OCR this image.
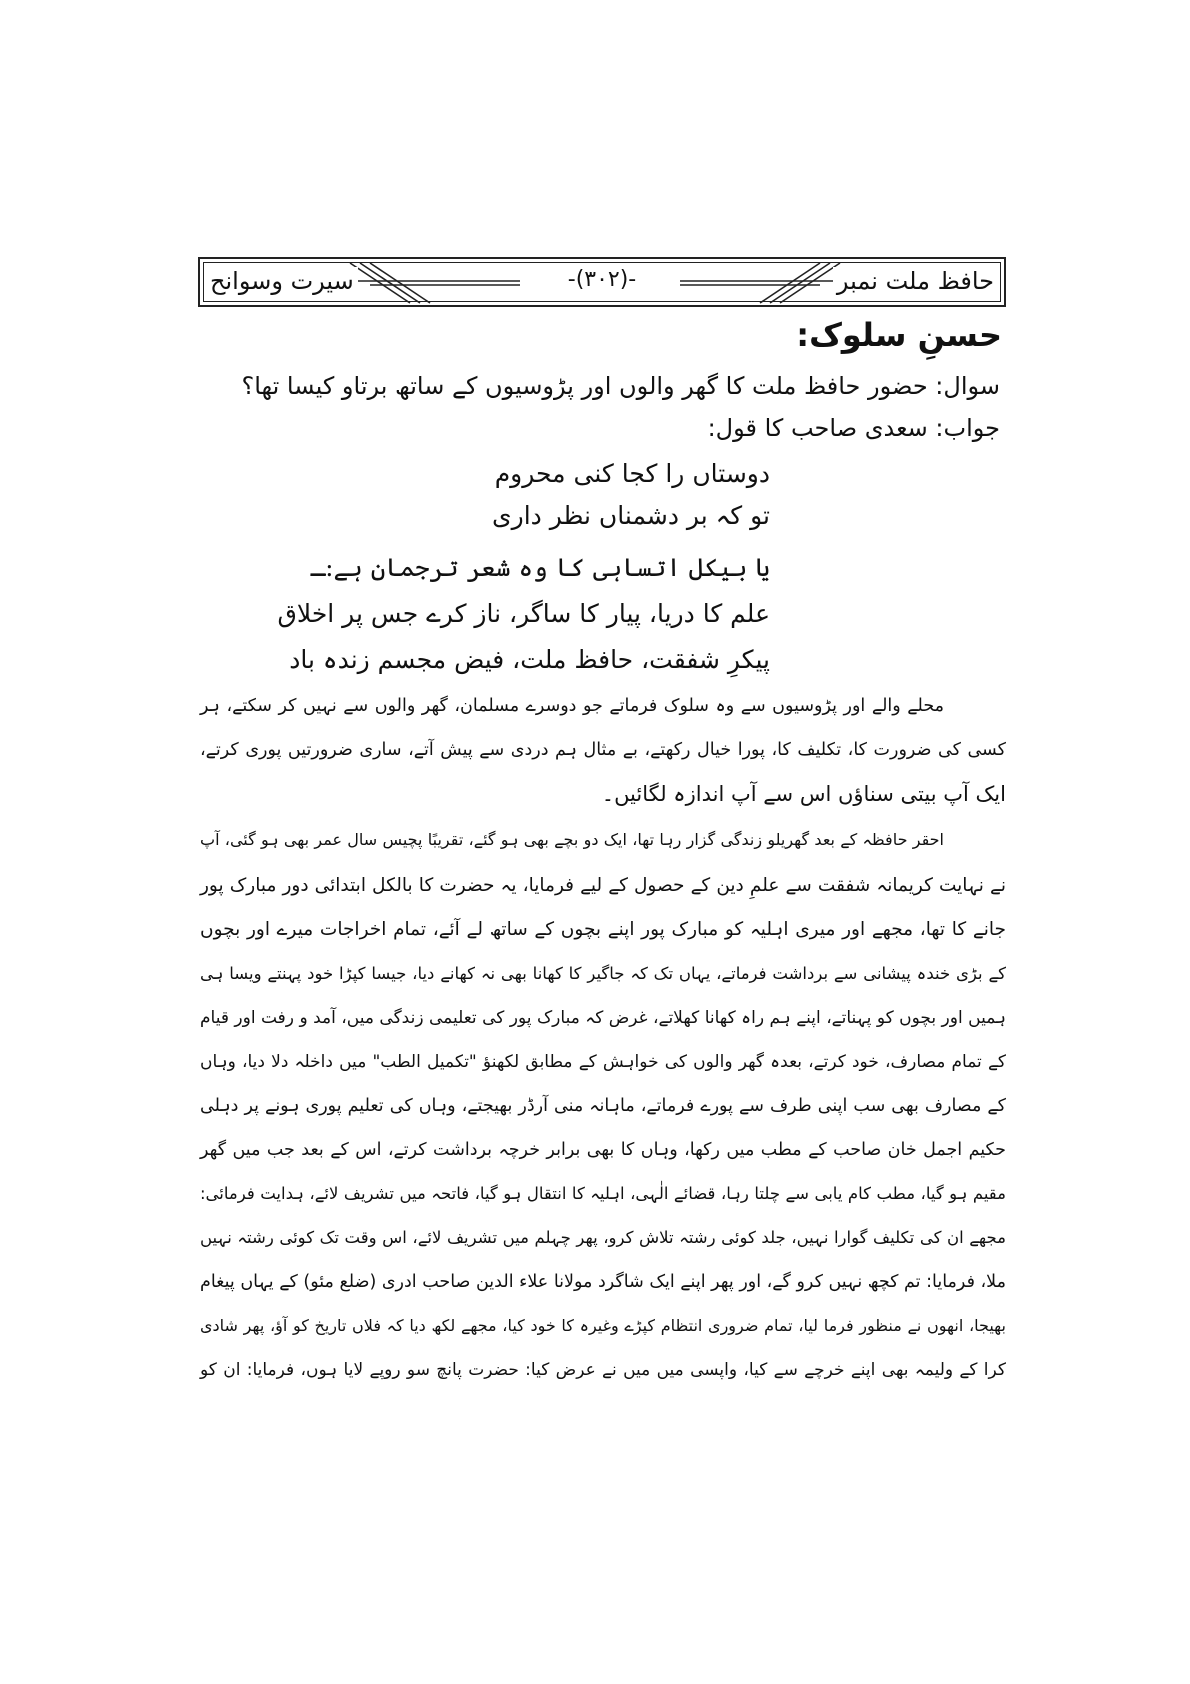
حافظ ملت نمبر
-(۳۰۲)-
سیرت وسوانح
حسنِ سلوک:
سوال: حضور حافظ ملت کا گھر والوں اور پڑوسیوں کے ساتھ برتاو کیسا تھا؟
جواب: سعدی صاحب کا قول:
دوستاں را کجا کنی محروم
تو کہ بر دشمناں نظر داری
یا بیکل اتساہی کا وہ شعر ترجمان ہے:ـ
علم کا دریا، پیار کا ساگر، ناز کرے جس پر اخلاق
پیکرِ شفقت، حافظ ملت، فیض مجسم زندہ باد
محلے والے اور پڑوسیوں سے وہ سلوک فرماتے جو دوسرے مسلمان، گھر والوں سے نہیں کر سکتے، ہر
کسی کی ضرورت کا، تکلیف کا، پورا خیال رکھتے، بے مثال ہم دردی سے پیش آتے، ساری ضرورتیں پوری کرتے،
ایک آپ بیتی سناؤں اس سے آپ اندازہ لگائیں۔
احقر حافظہ کے بعد گھریلو زندگی گزار رہا تھا، ایک دو بچے بھی ہو گئے، تقریبًا پچیس سال عمر بھی ہو گئی، آپ
نے نہایت کریمانہ شفقت سے علمِ دین کے حصول کے لیے فرمایا، یہ حضرت کا بالکل ابتدائی دور مبارک پور
جانے کا تھا، مجھے اور میری اہلیہ کو مبارک پور اپنے بچوں کے ساتھ لے آئے، تمام اخراجات میرے اور بچوں
کے بڑی خندہ پیشانی سے برداشت فرماتے، یہاں تک کہ جاگیر کا کھانا بھی نہ کھانے دیا، جیسا کپڑا خود پہنتے ویسا ہی
ہمیں اور بچوں کو پہناتے، اپنے ہم راہ کھانا کھلاتے، غرض کہ مبارک پور کی تعلیمی زندگی میں، آمد و رفت اور قیام
کے تمام مصارف، خود کرتے، بعدہ گھر والوں کی خواہش کے مطابق لکھنؤ "تکمیل الطب" میں داخلہ دلا دیا، وہاں
کے مصارف بھی سب اپنی طرف سے پورے فرماتے، ماہانہ منی آرڈر بھیجتے، وہاں کی تعلیم پوری ہونے پر دہلی
حکیم اجمل خان صاحب کے مطب میں رکھا، وہاں کا بھی برابر خرچہ برداشت کرتے، اس کے بعد جب میں گھر
مقیم ہو گیا، مطب کام یابی سے چلتا رہا، قضائے الٰہی، اہلیہ کا انتقال ہو گیا، فاتحہ میں تشریف لائے، ہدایت فرمائی:
مجھے ان کی تکلیف گوارا نہیں، جلد کوئی رشتہ تلاش کرو، پھر چہلم میں تشریف لائے، اس وقت تک کوئی رشتہ نہیں
ملا، فرمایا: تم کچھ نہیں کرو گے، اور پھر اپنے ایک شاگرد مولانا علاء الدین صاحب ادری (ضلع مئو) کے یہاں پیغام
بھیجا، انھوں نے منظور فرما لیا، تمام ضروری انتظام کپڑے وغیرہ کا خود کیا، مجھے لکھ دیا کہ فلاں تاریخ کو آؤ، پھر شادی
کرا کے ولیمہ بھی اپنے خرچے سے کیا، واپسی میں میں نے عرض کیا: حضرت پانچ سو روپے لایا ہوں، فرمایا: ان کو
